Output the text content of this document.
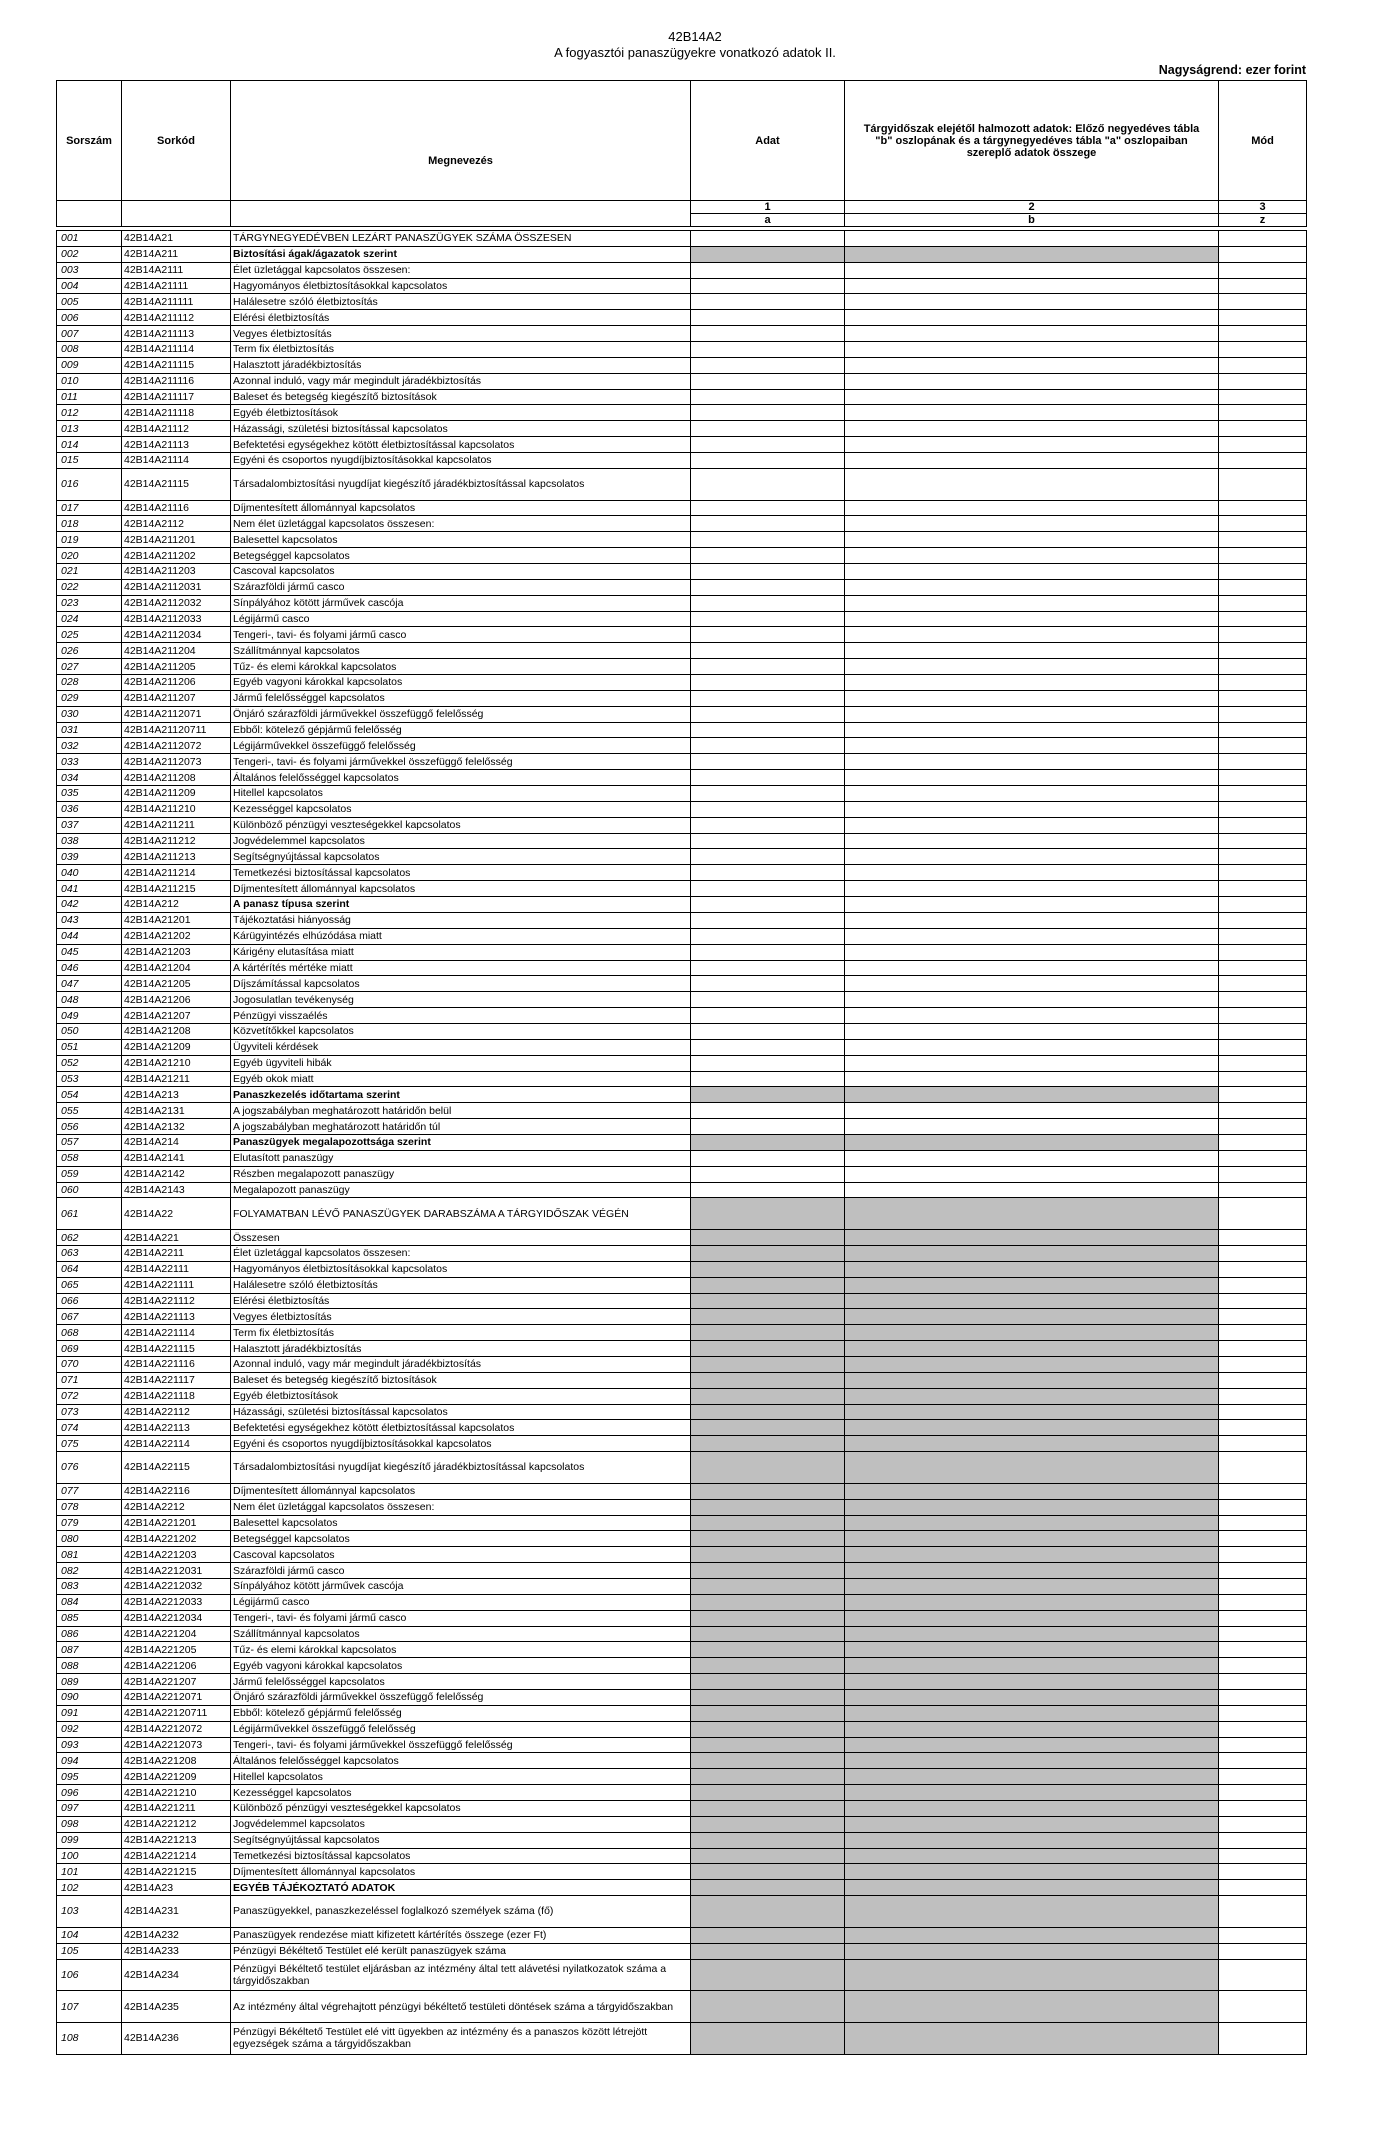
42B14A2
A fogyasztói panaszügyekre vonatkozó adatok II.
Nagyságrend: ezer forint
Sorszám	Sorkód	Megnevezés	Adat	Tárgyidőszak elejétől halmozott adatok: Előző negyedéves tábla "b" oszlopának és a tárgynegyedéves tábla "a" oszlopaiban szereplő adatok összege	Mód
			1	2	3
			a	b	z

001	42B14A21	TÁRGYNEGYEDÉVBEN LEZÁRT PANASZÜGYEK SZÁMA ÖSSZESEN			
002	42B14A211	Biztosítási ágak/ágazatok szerint			
003	42B14A2111	Élet üzletággal kapcsolatos összesen:			
004	42B14A21111	Hagyományos életbiztosításokkal kapcsolatos			
005	42B14A211111	Halálesetre szóló életbiztosítás			
006	42B14A211112	Elérési életbiztosítás			
007	42B14A211113	Vegyes életbiztosítás			
008	42B14A211114	Term fix életbiztosítás			
009	42B14A211115	Halasztott járadékbiztosítás			
010	42B14A211116	Azonnal induló, vagy már megindult járadékbiztosítás			
011	42B14A211117	Baleset és betegség kiegészítő biztosítások			
012	42B14A211118	Egyéb életbiztosítások			
013	42B14A21112	Házassági, születési biztosítással kapcsolatos			
014	42B14A21113	Befektetési egységekhez kötött életbiztosítással kapcsolatos			
015	42B14A21114	Egyéni és csoportos nyugdíjbiztosításokkal kapcsolatos			
016	42B14A21115	Társadalombiztosítási nyugdíjat kiegészítő járadékbiztosítással kapcsolatos			
017	42B14A21116	Díjmentesített állománnyal kapcsolatos			
018	42B14A2112	Nem élet üzletággal kapcsolatos összesen:			
019	42B14A211201	Balesettel kapcsolatos			
020	42B14A211202	Betegséggel kapcsolatos			
021	42B14A211203	Cascoval kapcsolatos			
022	42B14A2112031	Szárazföldi jármű casco			
023	42B14A2112032	Sínpályához kötött járművek cascója			
024	42B14A2112033	Légijármű casco			
025	42B14A2112034	Tengeri-, tavi- és folyami jármű casco			
026	42B14A211204	Szállítmánnyal kapcsolatos			
027	42B14A211205	Tűz- és elemi károkkal kapcsolatos			
028	42B14A211206	Egyéb vagyoni károkkal kapcsolatos			
029	42B14A211207	Jármű felelősséggel kapcsolatos			
030	42B14A2112071	Önjáró szárazföldi járművekkel összefüggő felelősség			
031	42B14A21120711	Ebből: kötelező gépjármű felelősség			
032	42B14A2112072	Légijárművekkel összefüggő felelősség			
033	42B14A2112073	Tengeri-, tavi- és folyami járművekkel összefüggő felelősség			
034	42B14A211208	Általános felelősséggel kapcsolatos			
035	42B14A211209	Hitellel kapcsolatos			
036	42B14A211210	Kezességgel kapcsolatos			
037	42B14A211211	Különböző pénzügyi veszteségekkel kapcsolatos			
038	42B14A211212	Jogvédelemmel kapcsolatos			
039	42B14A211213	Segítségnyújtással kapcsolatos			
040	42B14A211214	Temetkezési biztosítással kapcsolatos			
041	42B14A211215	Díjmentesített állománnyal kapcsolatos			
042	42B14A212	A panasz típusa szerint			
043	42B14A21201	Tájékoztatási hiányosság			
044	42B14A21202	Kárügyintézés elhúzódása miatt			
045	42B14A21203	Kárigény elutasítása miatt			
046	42B14A21204	A kártérítés mértéke miatt			
047	42B14A21205	Díjszámítással kapcsolatos			
048	42B14A21206	Jogosulatlan tevékenység			
049	42B14A21207	Pénzügyi visszaélés			
050	42B14A21208	Közvetítőkkel kapcsolatos			
051	42B14A21209	Ügyviteli kérdések			
052	42B14A21210	Egyéb ügyviteli hibák			
053	42B14A21211	Egyéb okok miatt			
054	42B14A213	Panaszkezelés időtartama szerint			
055	42B14A2131	A jogszabályban meghatározott határidőn belül			
056	42B14A2132	A jogszabályban meghatározott határidőn túl			
057	42B14A214	Panaszügyek megalapozottsága szerint			
058	42B14A2141	Elutasított panaszügy			
059	42B14A2142	Részben megalapozott panaszügy			
060	42B14A2143	Megalapozott panaszügy			
061	42B14A22	FOLYAMATBAN LÉVŐ PANASZÜGYEK DARABSZÁMA A TÁRGYIDŐSZAK VÉGÉN			
062	42B14A221	Összesen			
063	42B14A2211	Élet üzletággal kapcsolatos összesen:			
064	42B14A22111	Hagyományos életbiztosításokkal kapcsolatos			
065	42B14A221111	Halálesetre szóló életbiztosítás			
066	42B14A221112	Elérési életbiztosítás			
067	42B14A221113	Vegyes életbiztosítás			
068	42B14A221114	Term fix életbiztosítás			
069	42B14A221115	Halasztott járadékbiztosítás			
070	42B14A221116	Azonnal induló, vagy már megindult járadékbiztosítás			
071	42B14A221117	Baleset és betegség kiegészítő biztosítások			
072	42B14A221118	Egyéb életbiztosítások			
073	42B14A22112	Házassági, születési biztosítással kapcsolatos			
074	42B14A22113	Befektetési egységekhez kötött életbiztosítással kapcsolatos			
075	42B14A22114	Egyéni és csoportos nyugdíjbiztosításokkal kapcsolatos			
076	42B14A22115	Társadalombiztosítási nyugdíjat kiegészítő járadékbiztosítással kapcsolatos			
077	42B14A22116	Díjmentesített állománnyal kapcsolatos			
078	42B14A2212	Nem élet üzletággal kapcsolatos összesen:			
079	42B14A221201	Balesettel kapcsolatos			
080	42B14A221202	Betegséggel kapcsolatos			
081	42B14A221203	Cascoval kapcsolatos			
082	42B14A2212031	Szárazföldi jármű casco			
083	42B14A2212032	Sínpályához kötött járművek cascója			
084	42B14A2212033	Légijármű casco			
085	42B14A2212034	Tengeri-, tavi- és folyami jármű casco			
086	42B14A221204	Szállítmánnyal kapcsolatos			
087	42B14A221205	Tűz- és elemi károkkal kapcsolatos			
088	42B14A221206	Egyéb vagyoni károkkal kapcsolatos			
089	42B14A221207	Jármű felelősséggel kapcsolatos			
090	42B14A2212071	Önjáró szárazföldi járművekkel összefüggő felelősség			
091	42B14A22120711	Ebből: kötelező gépjármű felelősség			
092	42B14A2212072	Légijárművekkel összefüggő felelősség			
093	42B14A2212073	Tengeri-, tavi- és folyami járművekkel összefüggő felelősség			
094	42B14A221208	Általános felelősséggel kapcsolatos			
095	42B14A221209	Hitellel kapcsolatos			
096	42B14A221210	Kezességgel kapcsolatos			
097	42B14A221211	Különböző pénzügyi veszteségekkel kapcsolatos			
098	42B14A221212	Jogvédelemmel kapcsolatos			
099	42B14A221213	Segítségnyújtással kapcsolatos			
100	42B14A221214	Temetkezési biztosítással kapcsolatos			
101	42B14A221215	Díjmentesített állománnyal kapcsolatos			
102	42B14A23	EGYÉB TÁJÉKOZTATÓ ADATOK			
103	42B14A231	Panaszügyekkel, panaszkezeléssel foglalkozó személyek száma (fő)			
104	42B14A232	Panaszügyek rendezése miatt kifizetett kártérítés összege (ezer Ft)			
105	42B14A233	Pénzügyi Békéltető Testület elé került panaszügyek száma			
106	42B14A234	Pénzügyi Békéltető testület eljárásban az intézmény által tett alávetési nyilatkozatok száma a tárgyidőszakban			
107	42B14A235	Az intézmény által végrehajtott pénzügyi békéltető testületi döntések száma a tárgyidőszakban			
108	42B14A236	Pénzügyi Békéltető Testület elé vitt ügyekben az intézmény és a panaszos között létrejött egyezségek száma a tárgyidőszakban			
